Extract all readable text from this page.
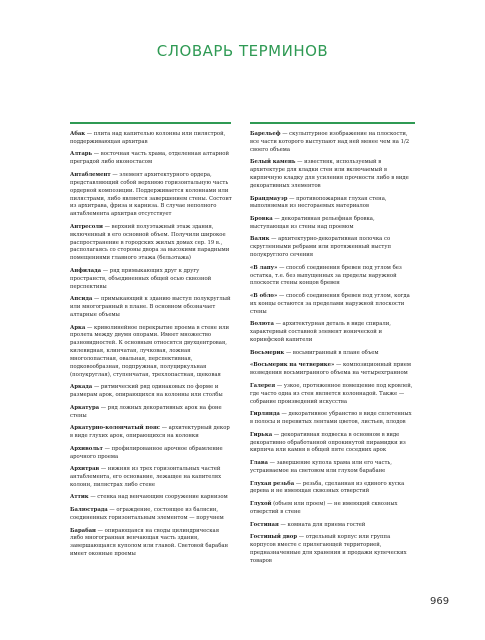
СЛОВАРЬ ТЕРМИНОВ

Абак — плита над капителью колонны или пилястрой, поддерживающая архитрав

Алтарь — восточная часть храма, отделенная алтарной преградой либо иконостасом

Антаблемент — элемент архитектурного ордера, представляющий собой верхнюю горизонтальную часть ордерной композиции. Поддерживается колоннами или пилястрами, либо является завершением стены. Состоит из архитрава, фриза и карниза. В случае неполного антаблемента архитрав отсутствует

Антресоли — верхний полуэтажный этаж здания, включенный в его основной объем. Получили широкое распространение в городских жилых домах сер. 19 в., располагаясь со стороны двора за высокими парадными помещениями главного этажа (бельэтажа)

Анфилада — ряд примыкающих друг к другу пространств, объединенных общей осью сквозной перспективы

Апсида — примыкающий к зданию выступ полукруглый или многогранный в плане. В основном обозначает алтарные объемы

Арка — криволинейное перекрытие проема в стене или пролета между двумя опорами. Имеет множество разновидностей. К основным относятся двухцентровая, килевидная, клинчатая, лучковая, ложная многолопастная, овальная, перспективная, подковообразная, подпружная, полуциркульная (полукруглая), ступенчатая, трехлопастная, щековая

Аркада — ритмический ряд одинаковых по форме и размерам арок, опирающихся на колонны или столбы

Аркатура — ряд ложных декоративных арок на фоне стены

Аркатурно-колончатый пояс — архитектурный декор в виде глухих арок, опирающихся на колонки

Архивольт — профилированное арочное обрамление арочного проема

Архитрав — нижняя из трех горизонтальных частей антаблемента, его основание, лежащее на капителях колонн, пилястрах либо стене

Аттик — стенка над венчающим сооружение карнизом

Балюстрада — ограждение, состоящее из балясин, соединенных горизонтальным элементом — поручнем

Барабан — опирающаяся на своды цилиндрическая либо многогранная венчающая часть здания, завершающаяся куполом или главой. Световой барабан имеет оконные проемы

Барельеф — скульптурное изображение на плоскости, все части которого выступают над ней менее чем на 1/2 своего объема

Белый камень — известняк, используемый в архитектуре для кладки стен или включаемый в кирпичную кладку для усиления прочности либо в виде декоративных элементов

Брандмауэр — противопожарная глухая стена, выполняемая из несгораемых материалов

Бровка — декоративная рельефная бровка, выступающая из стены над проемом

Валик — архитектурно-декоративная полочка со скругленными ребрами или протяженный выступ полукруглого сечения

«В лапу» — способ соединения бревен под углом без остатка, т.е. без выпущенных за пределы наружной плоскости стены концов бревен

«В обло» — способ соединения бревен под углом, когда их концы остаются за пределами наружной плоскости стены

Волюта — архитектурная деталь в виде спирали, характерный составной элемент ионической и коринфской капители

Восьмерик — восьмигранный в плане объем

«Восьмерик на четверике» — композиционный прием возведения восьмигранного объема на четырехгранном

Галерея — узкое, протяженное помещение под кровлей, где часто одна из стен является колоннадой. Также — собрание произведений искусства

Гирлянда — декоративное убранство в виде сплетенных в полосы и перевитых лентами цветов, листьев, плодов

Гирька — декоративная подвеска в основном в виде декоративно обработанной опрокинутой пирамидки из кирпича или камня в общей пяте соседних арок

Глава — завершение купола храма или его часть, устраиваемое на световом или глухом барабане

Глухая резьба — резьба, сделанная из единого куска дерева и не имеющая сквозных отверстий

Глухой (объем или проем) — не имеющий сквозных отверстий в стене

Гостиная — комната для приема гостей

Гостиный двор — отдельный корпус или группа корпусов вместе с прилегающей территорией, предназначенные для хранения и продажи купеческих товаров

969
